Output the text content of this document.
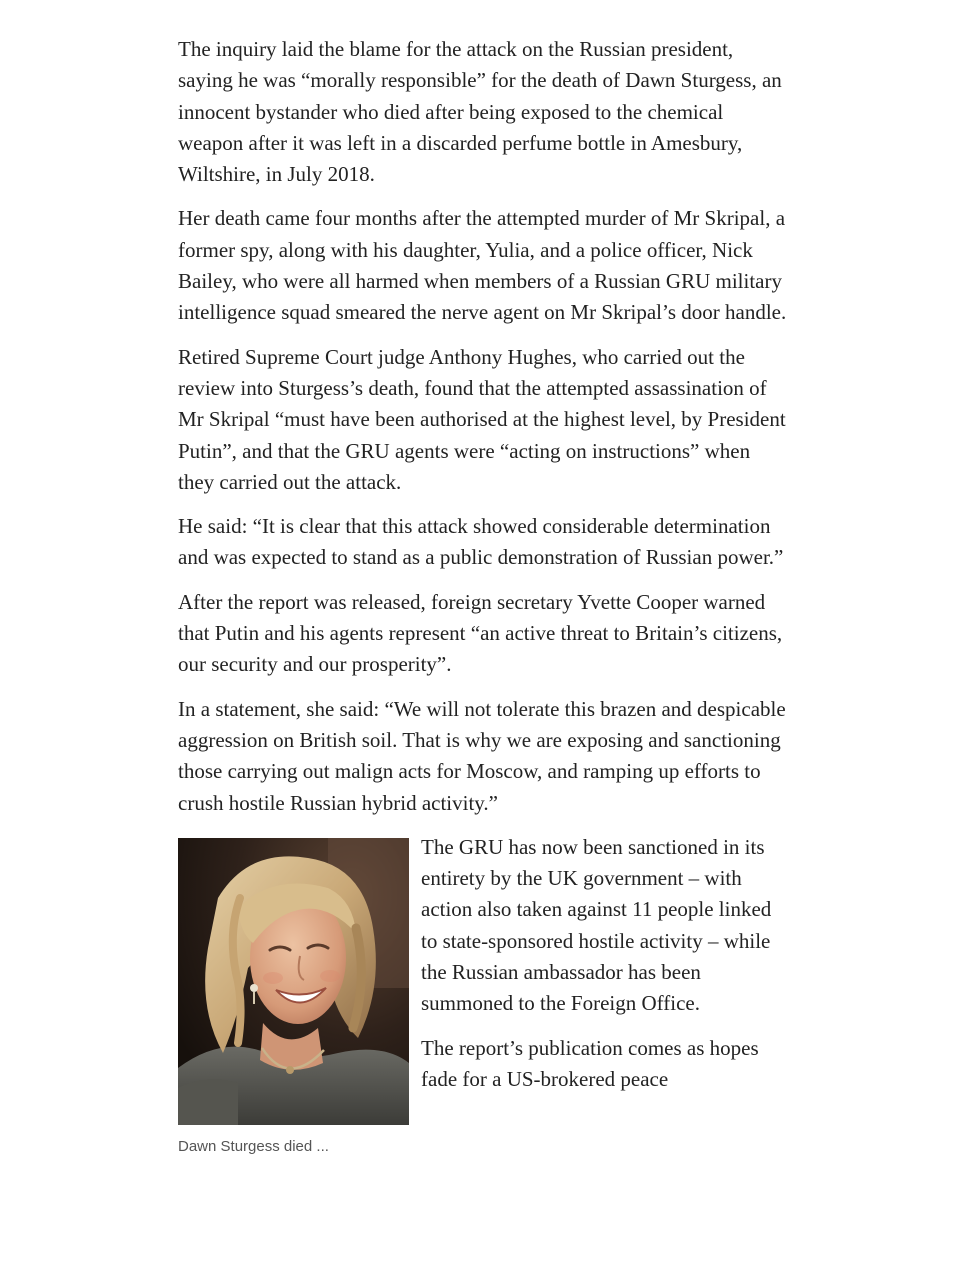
The inquiry laid the blame for the attack on the Russian president, saying he was “morally responsible” for the death of Dawn Sturgess, an innocent bystander who died after being exposed to the chemical weapon after it was left in a discarded perfume bottle in Amesbury, Wiltshire, in July 2018.

Her death came four months after the attempted murder of Mr Skripal, a former spy, along with his daughter, Yulia, and a police officer, Nick Bailey, who were all harmed when members of a Russian GRU military intelligence squad smeared the nerve agent on Mr Skripal’s door handle.

Retired Supreme Court judge Anthony Hughes, who carried out the review into Sturgess’s death, found that the attempted assassination of Mr Skripal “must have been authorised at the highest level, by President Putin”, and that the GRU agents were “acting on instructions” when they carried out the attack.

He said: “It is clear that this attack showed considerable determination and was expected to stand as a public demonstration of Russian power.”

After the report was released, foreign secretary Yvette Cooper warned that Putin and his agents represent “an active threat to Britain’s citizens, our security and our prosperity”.

In a statement, she said: “We will not tolerate this brazen and despicable aggression on British soil. That is why we are exposing and sanctioning those carrying out malign acts for Moscow, and ramping up efforts to crush hostile Russian hybrid activity.”

The GRU has now been sanctioned in its entirety by the UK government – with action also taken against 11 people linked to state-sponsored hostile activity – while the Russian ambassador has been summoned to the Foreign Office.

The report’s publication comes as hopes fade for a US-brokered peace

Dawn Sturgess died ...
